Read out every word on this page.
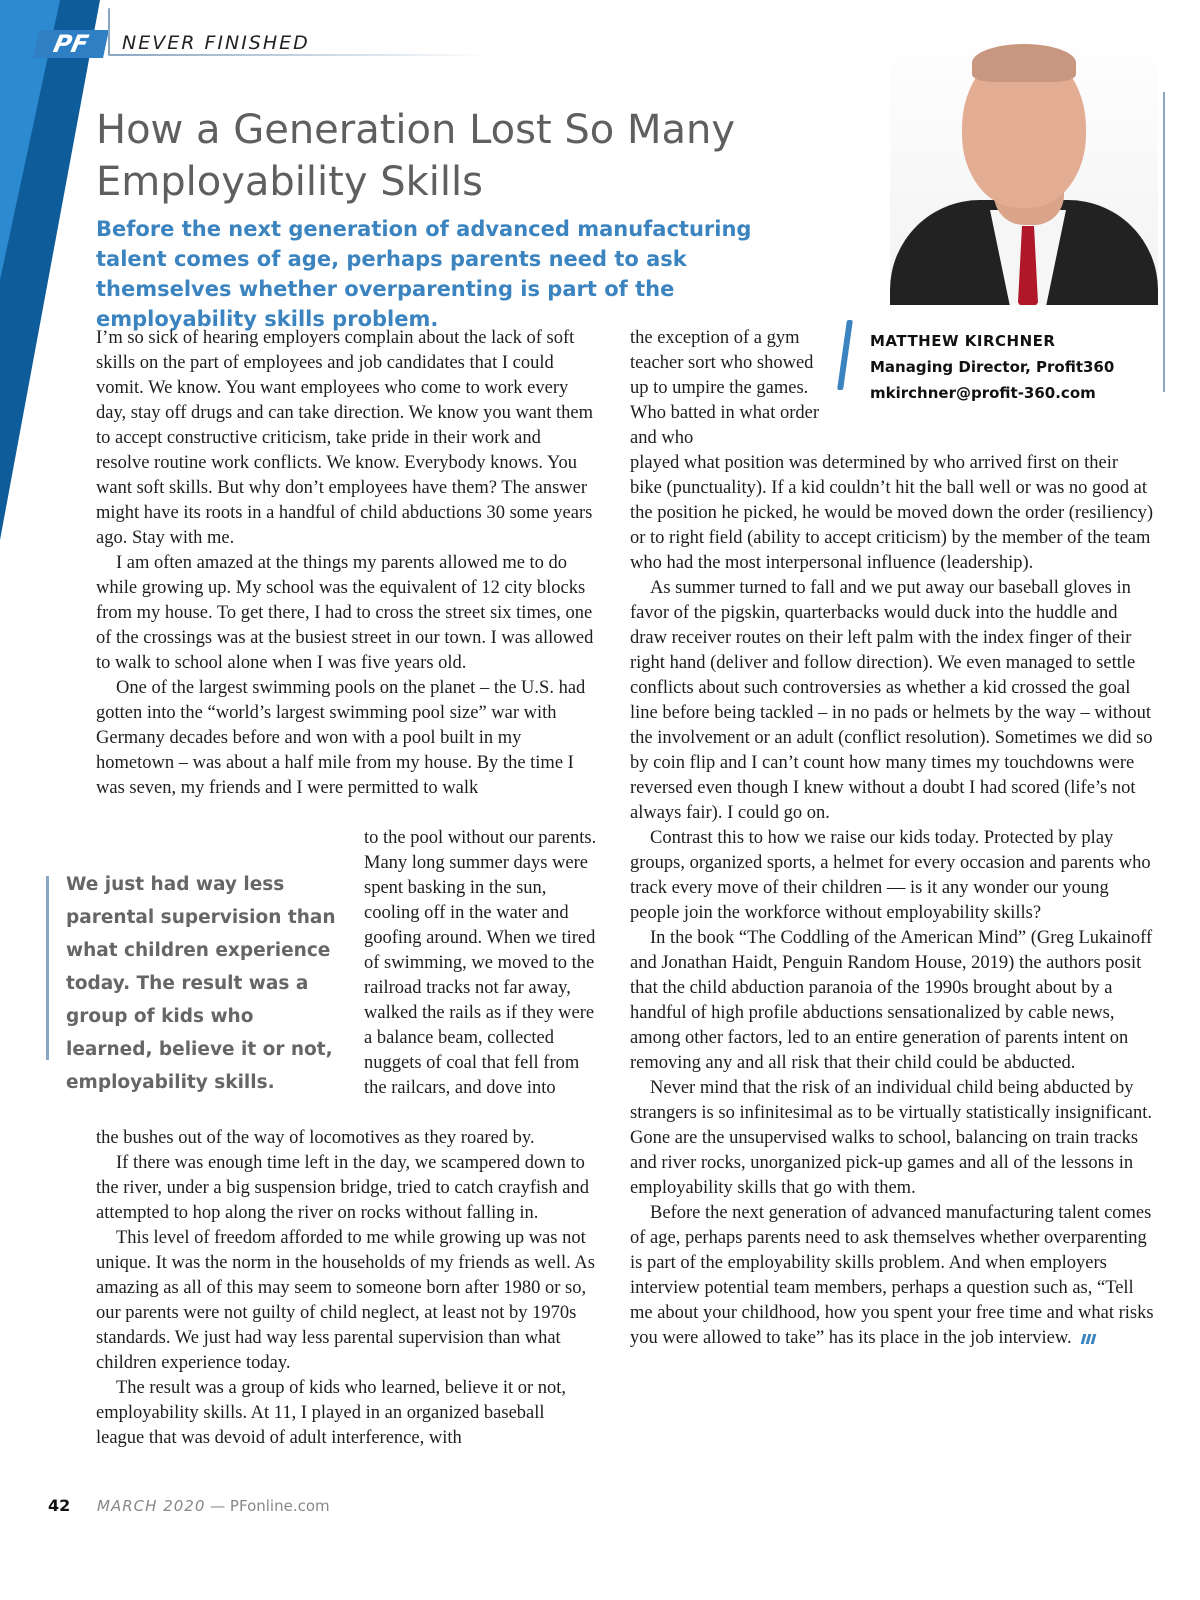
PF	NEVER FINISHED
How a Generation Lost So Many
Employability Skills

Before the next generation of advanced manufacturing talent comes of age, perhaps parents need to ask themselves whether overparenting is part of the employability skills problem.

MATTHEW KIRCHNER
Managing Director, Profit360
mkirchner@profit-360.com

I’m so sick of hearing employers complain about the lack of soft skills on the part of employees and job candidates that I could vomit. We know. You want employees who come to work every day, stay off drugs and can take direction. We know you want them to accept constructive criticism, take pride in their work and resolve routine work conflicts. We know. Everybody knows. You want soft skills. But why don’t employees have them? The answer might have its roots in a handful of child abductions 30 some years ago. Stay with me.

I am often amazed at the things my parents allowed me to do while growing up. My school was the equivalent of 12 city blocks from my house. To get there, I had to cross the street six times, one of the crossings was at the busiest street in our town. I was allowed to walk to school alone when I was five years old.

One of the largest swimming pools on the planet – the U.S. had gotten into the “world’s largest swimming pool size” war with Germany decades before and won with a pool built in my hometown – was about a half mile from my house. By the time I was seven, my friends and I were permitted to walk

to the pool without our parents. Many long summer days were spent basking in the sun, cooling off in the water and goofing around. When we tired of swimming, we moved to the railroad tracks not far away, walked the rails as if they were a balance beam, collected nuggets of coal that fell from the railcars, and dove into

the bushes out of the way of locomotives as they roared by.

If there was enough time left in the day, we scampered down to the river, under a big suspension bridge, tried to catch crayfish and attempted to hop along the river on rocks without falling in.

This level of freedom afforded to me while growing up was not unique. It was the norm in the households of my friends as well. As amazing as all of this may seem to someone born after 1980 or so, our parents were not guilty of child neglect, at least not by 1970s standards. We just had way less parental supervision than what children experience today.

The result was a group of kids who learned, believe it or not, employability skills. At 11, I played in an organized baseball league that was devoid of adult interference, with

the exception of a gym teacher sort who showed up to umpire the games. Who batted in what order and who

played what position was determined by who arrived first on their bike (punctuality). If a kid couldn’t hit the ball well or was no good at the position he picked, he would be moved down the order (resiliency) or to right field (ability to accept criticism) by the member of the team who had the most interpersonal influence (leadership).

As summer turned to fall and we put away our baseball gloves in favor of the pigskin, quarterbacks would duck into the huddle and draw receiver routes on their left palm with the index finger of their right hand (deliver and follow direction). We even managed to settle conflicts about such controversies as whether a kid crossed the goal line before being tackled – in no pads or helmets by the way – without the involvement or an adult (conflict resolution). Sometimes we did so by coin flip and I can’t count how many times my touchdowns were reversed even though I knew without a doubt I had scored (life’s not always fair). I could go on.

Contrast this to how we raise our kids today. Protected by play groups, organized sports, a helmet for every occasion and parents who track every move of their children — is it any wonder our young people join the workforce without employability skills?

In the book “The Coddling of the American Mind” (Greg Lukainoff and Jonathan Haidt, Penguin Random House, 2019) the authors posit that the child abduction paranoia of the 1990s brought about by a handful of high profile abductions sensationalized by cable news, among other factors, led to an entire generation of parents intent on removing any and all risk that their child could be abducted.

Never mind that the risk of an individual child being abducted by strangers is so infinitesimal as to be virtually statistically insignificant. Gone are the unsupervised walks to school, balancing on train tracks and river rocks, unorganized pick-up games and all of the lessons in employability skills that go with them.

Before the next generation of advanced manufacturing talent comes of age, perhaps parents need to ask themselves whether overparenting is part of the employability skills problem. And when employers interview potential team members, perhaps a question such as, “Tell me about your childhood, how you spent your free time and what risks you were allowed to take” has its place in the job interview.

We just had way less parental supervision than what children experience today. The result was a group of kids who learned, believe it or not, employability skills.

42 MARCH 2020 — PFonline.com
